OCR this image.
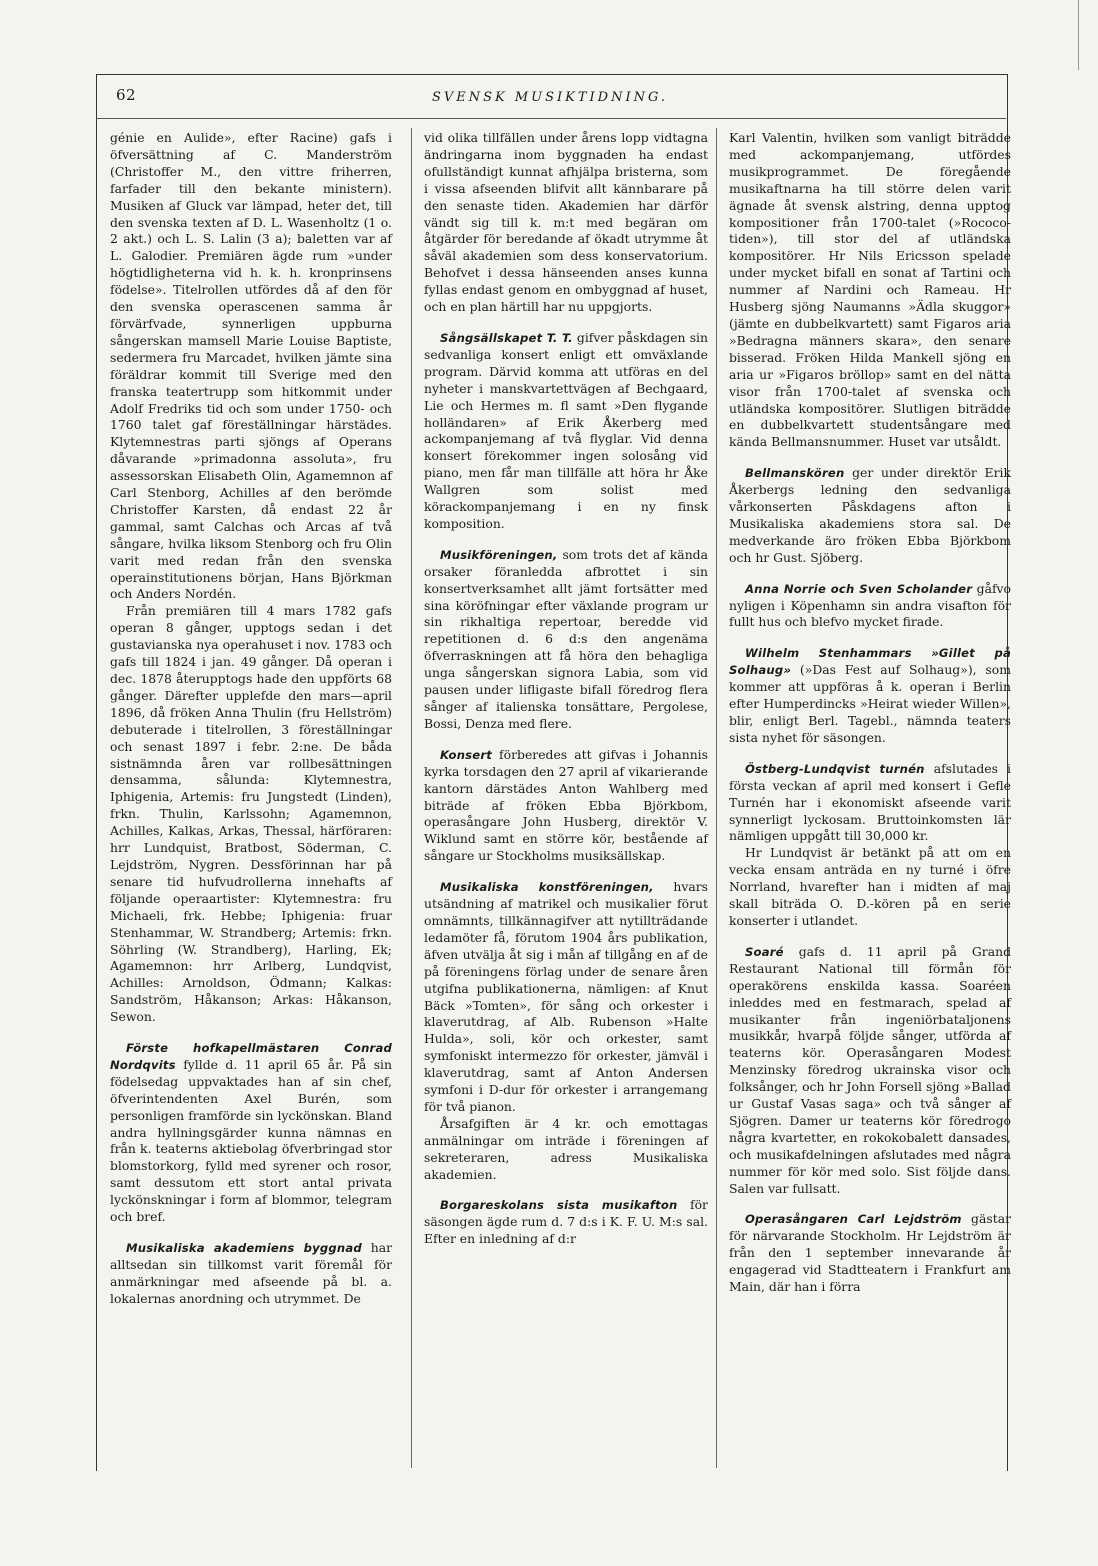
62	SVENSK MUSIKTIDNING.

génie en Aulide», efter Racine) gafs i öfversättning af C. Manderström (Christoffer M., den vittre friherren, farfader till den bekante ministern). Musiken af Gluck var lämpad, heter det, till den svenska texten af D. L. Wasenholtz (1 o. 2 akt.) och L. S. Lalin (3 a); baletten var af L. Galodier. Premiären ägde rum »under högtidligheterna vid h. k. h. kronprinsens födelse». Titelrollen utfördes då af den för den svenska operascenen samma år förvärfvade, synnerligen uppburna sångerskan mamsell Marie Louise Baptiste, sedermera fru Marcadet, hvilken jämte sina föräldrar kommit till Sverige med den franska teatertrupp som hitkommit under Adolf Fredriks tid och som under 1750- och 1760 talet gaf föreställningar härstädes. Klytemnestras parti sjöngs af Operans dåvarande »primadonna assoluta», fru assessorskan Elisabeth Olin, Agamemnon af Carl Stenborg, Achilles af den berömde Christoffer Karsten, då endast 22 år gammal, samt Calchas och Arcas af två sångare, hvilka liksom Stenborg och fru Olin varit med redan från den svenska operainstitutionens början, Hans Björkman och Anders Nordén.

Från premiären till 4 mars 1782 gafs operan 8 gånger, upptogs sedan i det gustavianska nya operahuset i nov. 1783 och gafs till 1824 i jan. 49 gånger. Då operan i dec. 1878 återupptogs hade den uppförts 68 gånger. Därefter upplefde den mars—april 1896, då fröken Anna Thulin (fru Hellström) debuterade i titelrollen, 3 föreställningar och senast 1897 i febr. 2:ne. De båda sistnämnda åren var rollbesättningen densamma, sålunda: Klytemnestra, Iphigenia, Artemis: fru Jungstedt (Linden), frkn. Thulin, Karlssohn; Agamemnon, Achilles, Kalkas, Arkas, Thessal, härföraren: hrr Lundquist, Bratbost, Söderman, C. Lejdström, Nygren. Dessförinnan har på senare tid hufvudrollerna innehafts af följande operaartister: Klytemnestra: fru Michaeli, frk. Hebbe; Iphigenia: fruar Stenhammar, W. Strandberg; Artemis: frkn. Söhrling (W. Strandberg), Harling, Ek; Agamemnon: hrr Arlberg, Lundqvist, Achilles: Arnoldson, Ödmann; Kalkas: Sandström, Håkanson; Arkas: Håkanson, Sewon.

Förste hofkapellmästaren Conrad Nordqvits fyllde d. 11 april 65 år. På sin födelsedag uppvaktades han af sin chef, öfverintendenten Axel Burén, som personligen framförde sin lyckönskan. Bland andra hyllningsgärder kunna nämnas en från k. teaterns aktiebolag öfverbringad stor blomstorkorg, fylld med syrener och rosor, samt dessutom ett stort antal privata lyckönskningar i form af blommor, telegram och bref.

Musikaliska akademiens byggnad har alltsedan sin tillkomst varit föremål för anmärkningar med afseende på bl. a. lokalernas anordning och utrymmet. De

vid olika tillfällen under årens lopp vidtagna ändringarna inom byggnaden ha endast ofullständigt kunnat afhjälpa bristerna, som i vissa afseenden blifvit allt kännbarare på den senaste tiden. Akademien har därför vändt sig till k. m:t med begäran om åtgärder för beredande af ökadt utrymme åt såväl akademien som dess konservatorium. Behofvet i dessa hänseenden anses kunna fyllas endast genom en ombyggnad af huset, och en plan härtill har nu uppgjorts.

Sångsällskapet T. T. gifver påskdagen sin sedvanliga konsert enligt ett omväxlande program. Därvid komma att utföras en del nyheter i manskvartettvägen af Bechgaard, Lie och Hermes m. fl samt »Den flygande holländaren» af Erik Åkerberg med ackompanjemang af två flyglar. Vid denna konsert förekommer ingen solosång vid piano, men får man tillfälle att höra hr Åke Wallgren som solist med körackompanjemang i en ny finsk komposition.

Musikföreningen, som trots det af kända orsaker föranledda afbrottet i sin konsertverksamhet allt jämt fortsätter med sina köröfningar efter växlande program ur sin rikhaltiga repertoar, beredde vid repetitionen d. 6 d:s den angenäma öfverraskningen att få höra den behagliga unga sångerskan signora Labia, som vid pausen under lifligaste bifall föredrog flera sånger af italienska tonsättare, Pergolese, Bossi, Denza med flere.

Konsert förberedes att gifvas i Johannis kyrka torsdagen den 27 april af vikarierande kantorn därstädes Anton Wahlberg med biträde af fröken Ebba Björkbom, operasångare John Husberg, direktör V. Wiklund samt en större kör, bestående af sångare ur Stockholms musiksällskap.

Musikaliska konstföreningen, hvars utsändning af matrikel och musikalier förut omnämnts, tillkännagifver att nytillträdande ledamöter få, förutom 1904 års publikation, äfven utvälja åt sig i mån af tillgång en af de på föreningens förlag under de senare åren utgifna publikationerna, nämligen: af Knut Bäck »Tomten», för sång och orkester i klaverutdrag, af Alb. Rubenson »Halte Hulda», soli, kör och orkester, samt symfoniskt intermezzo för orkester, jämväl i klaverutdrag, samt af Anton Andersen symfoni i D-dur för orkester i arrangemang för två pianon.

Årsafgiften är 4 kr. och emottagas anmälningar om inträde i föreningen af sekreteraren, adress Musikaliska akademien.

Borgareskolans sista musikafton för säsongen ägde rum d. 7 d:s i K. F. U. M:s sal. Efter en inledning af d:r

Karl Valentin, hvilken som vanligt biträdde med ackompanjemang, utfördes musikprogrammet. De föregående musikaftnarna ha till större delen varit ägnade åt svensk alstring, denna upptog kompositioner från 1700-talet (»Rococo-tiden»), till stor del af utländska kompositörer. Hr Nils Ericsson spelade under mycket bifall en sonat af Tartini och nummer af Nardini och Rameau. Hr Husberg sjöng Naumanns »Ädla skuggor» (jämte en dubbelkvartett) samt Figaros aria »Bedragna männers skara», den senare bisserad. Fröken Hilda Mankell sjöng en aria ur »Figaros bröllop» samt en del nätta visor från 1700-talet af svenska och utländska kompositörer. Slutligen biträdde en dubbelkvartett studentsångare med kända Bellmansnummer. Huset var utsåldt.

Bellmanskören ger under direktör Erik Åkerbergs ledning den sedvanliga vårkonserten Påskdagens afton i Musikaliska akademiens stora sal. De medverkande äro fröken Ebba Björkbom och hr Gust. Sjöberg.

Anna Norrie och Sven Scholander gåfvo nyligen i Köpenhamn sin andra visafton för fullt hus och blefvo mycket firade.

Wilhelm Stenhammars »Gillet på Solhaug» (»Das Fest auf Solhaug»), som kommer att uppföras å k. operan i Berlin efter Humperdincks »Heirat wieder Willen», blir, enligt Berl. Tagebl., nämnda teaters sista nyhet för säsongen.

Östberg-Lundqvist turnén afslutades i första veckan af april med konsert i Gefle Turnén har i ekonomiskt afseende varit synnerligt lyckosam. Bruttoinkomsten lär nämligen uppgått till 30,000 kr.

Hr Lundqvist är betänkt på att om en vecka ensam anträda en ny turné i öfre Norrland, hvarefter han i midten af maj skall biträda O. D.-kören på en serie konserter i utlandet.

Soaré gafs d. 11 april på Grand Restaurant National till förmån för operakörens enskilda kassa. Soaréen inleddes med en festmarach, spelad af musikanter från ingeniörbataljonens musikkår, hvarpå följde sånger, utförda af teaterns kör. Operasångaren Modest Menzinsky föredrog ukrainska visor och folksånger, och hr John Forsell sjöng »Ballad ur Gustaf Vasas saga» och två sånger af Sjögren. Damer ur teaterns kör föredrogo några kvartetter, en rokokobalett dansades, och musikafdelningen afslutades med några nummer för kör med solo. Sist följde dans. Salen var fullsatt.

Operasångaren Carl Lejdström gästar för närvarande Stockholm. Hr Lejdström är från den 1 september innevarande år engagerad vid Stadtteatern i Frankfurt am Main, där han i förra
